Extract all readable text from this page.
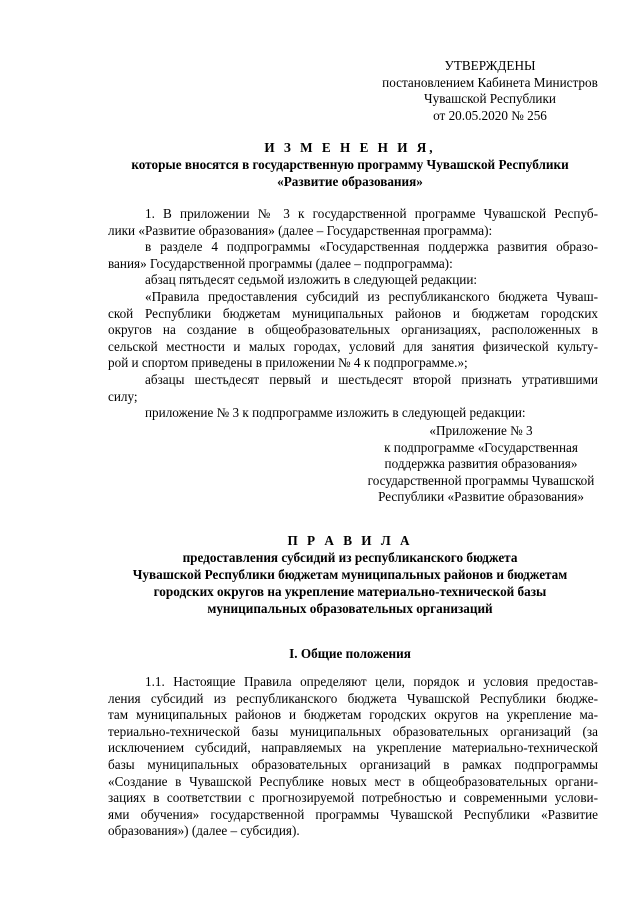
УТВЕРЖДЕНЫ
постановлением Кабинета Министров
Чувашской Республики
от 20.05.2020 № 256
И З М Е Н Е Н И Я,
которые вносятся в государственную программу Чувашской Республики
«Развитие образования»
1. В приложении № 3 к государственной программе Чувашской Респуб-
лики «Развитие образования» (далее – Государственная программа):
в разделе 4 подпрограммы «Государственная поддержка развития образо-
вания» Государственной программы (далее – подпрограмма):
абзац пятьдесят седьмой изложить в следующей редакции:
«Правила предоставления субсидий из республиканского бюджета Чуваш-
ской Республики бюджетам муниципальных районов и бюджетам городских
округов на создание в общеобразовательных организациях, расположенных в
сельской местности и малых городах, условий для занятия физической культу-
рой и спортом приведены в приложении № 4 к подпрограмме.»;
абзацы шестьдесят первый и шестьдесят второй признать утратившими
силу;
приложение № 3 к подпрограмме изложить в следующей редакции:
«Приложение № 3
к подпрограмме «Государственная
поддержка развития образования»
государственной программы Чувашской
Республики «Развитие образования»
П Р А В И Л А
предоставления субсидий из республиканского бюджета
Чувашской Республики бюджетам муниципальных районов и бюджетам
городских округов на укрепление материально-технической базы
муниципальных образовательных организаций
I. Общие положения
1.1. Настоящие Правила определяют цели, порядок и условия предостав-
ления субсидий из республиканского бюджета Чувашской Республики бюдже-
там муниципальных районов и бюджетам городских округов на укрепление ма-
териально-технической базы муниципальных образовательных организаций (за
исключением субсидий, направляемых на укрепление материально-технической
базы муниципальных образовательных организаций в рамках подпрограммы
«Создание в Чувашской Республике новых мест в общеобразовательных органи-
зациях в соответствии с прогнозируемой потребностью и современными услови-
ями обучения» государственной программы Чувашской Республики «Развитие
образования») (далее – субсидия).
